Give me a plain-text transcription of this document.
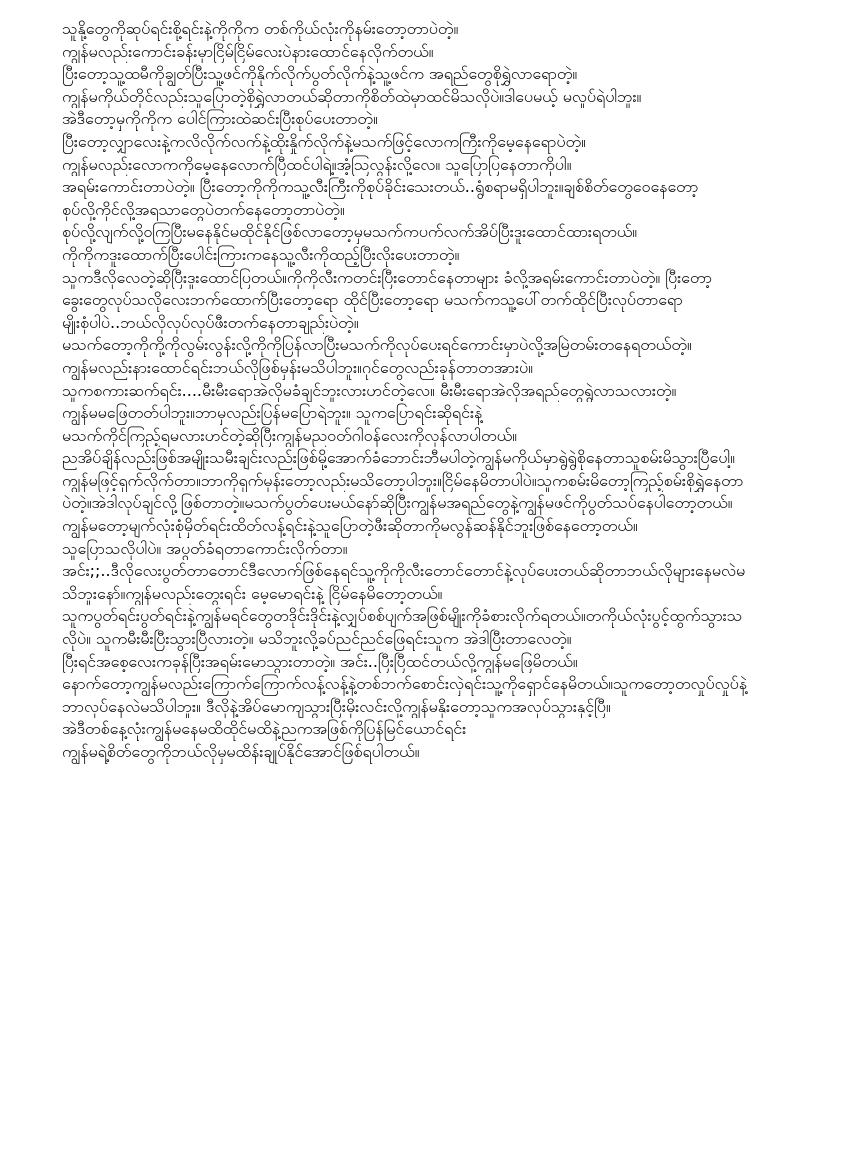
သူနို့တွေကိုဆုပ်ရင်းစို့ရင်းနဲ့ကိုကိုက တစ်ကိုယ်လုံးကိုနမ်းတော့တာပဲတဲ့။
ကျွန်မလည်းကောင်းခန်းမှာငြိမ်ငြိမ်လေးပဲနားထောင်နေလိုက်တယ်။
ပြီးတော့သူ့ထမီကိုချွတ်ပြီးသူ့ဖင်ကိုနိုက်လိုက်ပွတ်လိုက်နဲ့သူ့ဖင်က အရည်တွေစိုရွှဲလာရောတဲ့။
ကျွန်မကိုယ်တိုင်လည်းသူပြောတဲ့စိုရွှဲလာတယ်ဆိုတာကိုစိတ်ထဲမှာထင်မိသလိုပဲ။ဒါပေမယ့် မလှုပ်ရဲပါဘူး။
အဲဒီတော့မှကိုကိုက ပေါင်ကြားထဲဆင်းပြီးစုပ်ပေးတာတဲ့။
ပြီးတော့လျှာလေးနဲ့ကလိလိုက်လက်နဲ့ထိုးနှိုက်လိုက်နဲ့မသက်ဖြင့်လောကကြီးကိုမေ့နေရောပဲတဲ့။
ကျွန်မလည်းလောကကိုမေ့နေလောက်ပြီထင်ပါရဲ့။အံ့သြလွန်းလို့လေ။ သူပြောပြနေတာကိုပါ။
အရမ်းကောင်းတာပဲတဲ့။ ပြီးတော့ကိုကိုကသူ့လီးကြီးကိုစုပ်ခိုင်းသေးတယ်..ရွံစရာမရှိပါဘူး။ချစ်စိတ်တွေဝေနေတော့
စုပ်လို့ကိုင်လို့အရသာတွေပဲတက်နေတော့တာပဲတဲ့။
စုပ်လို့လျက်လို့ဝကြပြီးမနေနိုင်မထိုင်နိုင်ဖြစ်လာတော့မှမသက်ကပက်လက်အိပ်ပြီးဒူးထောင်ထားရတယ်။
ကိုကိုကဒူးထောက်ပြီးပေါင်းကြားကနေသူ့လီးကိုထည့်ပြီးလိုးပေးတာတဲ့။
သူကဒီလိုလေတဲ့ဆိုပြီးဒူးထောင်ပြတယ်။ကိုကိုလီးကတင်းပြီးတောင်နေတာများ ခံလို့အရမ်းကောင်းတာပဲတဲ့။ ပြီးတော့
ခွေးတွေလုပ်သလိုလေးဘက်ထောက်ပြီးတော့ရော ထိုင်ပြီးတော့ရော မသက်ကသူ့ပေါ်တက်ထိုင်ပြီးလုပ်တာရော
မျိုးစုံပါပဲ..ဘယ်လိုလုပ်လုပ်ဖီးတက်နေတာချည်းပဲတဲ့။
မသက်တော့ကိုကို့ကိုလွမ်းလွန်းလို့ကိုကိုပြန်လာပြီးမသက်ကိုလုပ်ပေးရင်ကောင်းမှာပဲလို့အမြဲတမ်းတနေရတယ်တဲ့။
ကျွန်မလည်းနားထောင်ရင်းဘယ်လိုဖြစ်မှန်းမသိပါဘူး။ဂုင်တွေလည်းခုန်တာတအားပဲ။
သူကစကားဆက်ရင်း....မီးမီးရောအဲလိုမခံချင်ဘူးလားဟင်တဲ့လေ။ မီးမီးရောအဲလိုအရည်တွေရွဲလာသလားတဲ့။
ကျွန်မမဖြေတတ်ပါဘူး။ဘာမှလည်းပြန်မပြောရဲဘူး။ သူကပြောရင်းဆိုရင်းနဲ့
မသက်ကိုင်ကြည့်ရမလားဟင်တဲ့ဆိုပြီးကျွန်မညဝတ်ဂါဝန်လေးကိုလှန်လာပါတယ်။
ညအိပ်ချိန်လည်းဖြစ်အမျိုးသမီးချင်းလည်းဖြစ်မို့အောက်ခံဘောင်းဘီမပါတဲ့ကျွန်မကိုယ်မှာရွဲရွဲစိုနေတာသူစမ်းမိသွားပြီပေါ့။
ကျွန်မဖြင့်ရှက်လိုက်တာ။ဘာကိုရှက်မှန်းတော့လည်းမသိတော့ပါဘူး။ငြိမ်နေမိတာပါပဲ။သူကစမ်းမိတော့ကြည့်စမ်းစိုရွှဲနေတာ
ပဲတဲ့။အဲဒါလုပ်ချင်လို့ဖြစ်တာတဲ့။မသက်ပွတ်ပေးမယ်နော်ဆိုပြီးကျွန်မအရည်တွေနဲ့ကျွန်မဖင်ကိုပွတ်သပ်နေပါတော့တယ်။
ကျွန်မတော့မျက်လုံးစုံမှိတ်ရင်းထိတ်လန့်ရင်းနဲ့သူပြောတဲ့ဖီးဆိုတာကိုမလွန်ဆန်နိုင်ဘူးဖြစ်နေတော့တယ်။
သူပြောသလိုပါပဲ။ အပွတ်ခံရတာကောင်းလိုက်တာ။
အင်း;;..ဒီလိုလေးပွတ်တာတောင်ဒီလောက်ဖြစ်နေရင်သူ့ကိုကိုလီးတောင်တောင်နဲ့လုပ်ပေးတယ်ဆိုတာဘယ်လိုများနေမလဲမ
သိဘူးနော်။ကျွန်မလည်းတွေးရင်း မေ့မောရင်းနဲ့ ငြိမ်နေမိတော့တယ်။
သူကပွတ်ရင်းပွတ်ရင်းနဲ့ကျွန်မရင်တွေတဒိုင်းဒိုင်းနဲ့လျှပ်စစ်ပျက်အဖြစ်မျိုးကိုခံစားလိုက်ရတယ်။တကိုယ်လုံးပွင့်ထွက်သွားသ
လိုပဲ။ သူကမီးမီးပြီးသွားပြီလားတဲ့။ မသိဘူးလို့ခပ်ညင်ညင်ဖြေရင်းသူက အဲဒါပြီးတာလေတဲ့။
ပြီးရင်အစေ့လေးကခုန်ပြီးအရမ်းမောသွားတာတဲ့။ အင်း..ပြီးပြီထင်တယ်လို့ကျွန်မဖြေမိတယ်။
နောက်တော့ကျွန်မလည်းကြောက်ကြောက်လန့်လန့်နဲ့တစ်ဘက်စောင်းလှဲရင်းသူ့ကိုရှောင်နေမိတယ်။သူကတော့တလှုပ်လှုပ်နဲ့
ဘာလုပ်နေလဲမသိပါဘူး။ ဒီလိုနဲ့အိပ်မောကျသွားပြီးမိုးလင်းလို့ကျွန်မနိုးတော့သူကအလုပ်သွားနှင့်ပြီ။
အဲဒီတစ်နေ့လုံးကျွန်မနေမထိထိုင်မထိနဲ့ညကအဖြစ်ကိုပြန်မြင်ယောင်ရင်း
ကျွန်မရဲ့စိတ်တွေကိုဘယ်လိုမှမထိန်းချုပ်နိုင်အောင်ဖြစ်ရပါတယ်။
